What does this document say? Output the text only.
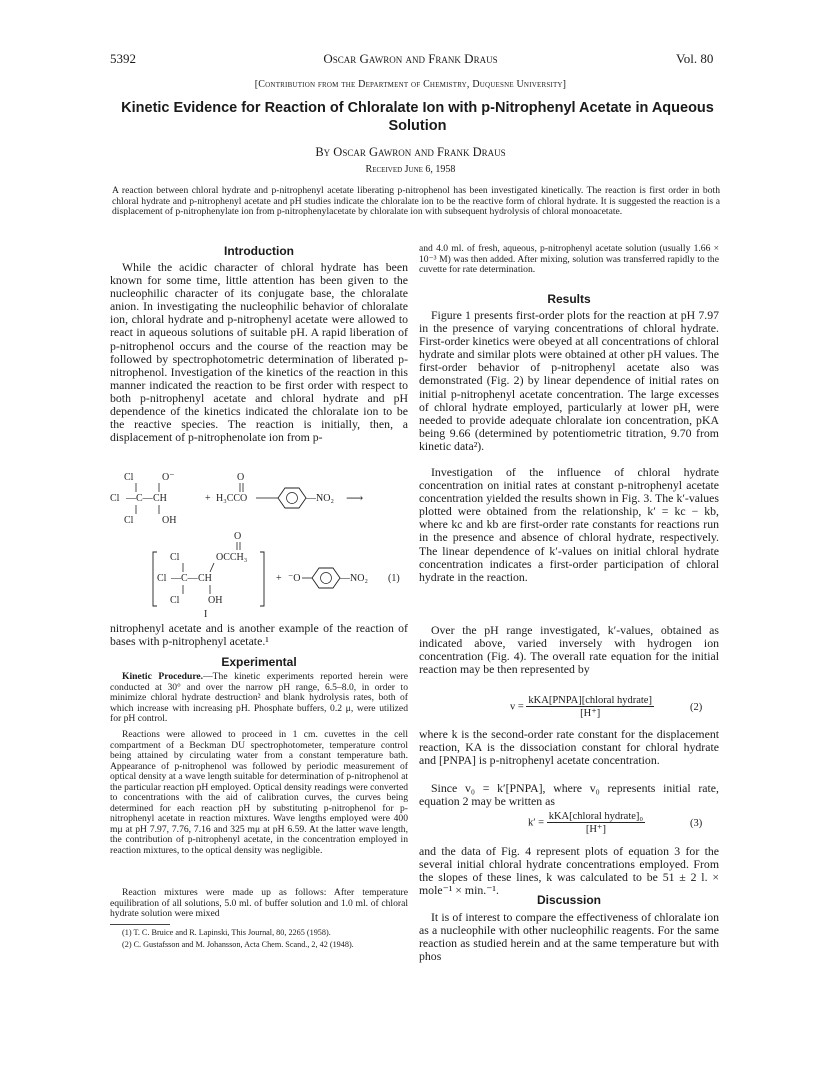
5392	Oscar Gawron and Frank Draus	Vol. 80
[Contribution from the Department of Chemistry, Duquesne University]
Kinetic Evidence for Reaction of Chloralate Ion with p-Nitrophenyl Acetate in Aqueous Solution
By Oscar Gawron and Frank Draus
Received June 6, 1958
A reaction between chloral hydrate and p-nitrophenyl acetate liberating p-nitrophenol has been investigated kinetically. The reaction is first order in both chloral hydrate and p-nitrophenyl acetate and pH studies indicate the chloralate ion to be the reactive form of chloral hydrate. It is suggested the reaction is a displacement of p-nitrophenylate ion from p-nitrophenylacetate by chloralate ion with subsequent hydrolysis of chloral monoacetate.
Introduction
While the acidic character of chloral hydrate has been known for some time, little attention has been given to the nucleophilic character of its conjugate base, the chloralate anion. In investigating the nucleophilic behavior of chloralate ion, chloral hydrate and p-nitrophenyl acetate were allowed to react in aqueous solutions of suitable pH. A rapid liberation of p-nitrophenol occurs and the course of the reaction may be followed by spectrophotometric determination of liberated p-nitrophenol. Investigation of the kinetics of the reaction in this manner indicated the reaction to be first order with respect to both p-nitrophenyl acetate and chloral hydrate and pH dependence of the kinetics indicated the chloralate ion to be the reactive species. The reaction is initially, then, a displacement of p-nitrophenolate ion from p-
Cl	O⁻
Cl —C— CH
Cl	OH
+
O
H₃CCO	—NO₂ ⟶
O
OCCH₃
Cl
Cl —C— CH
Cl	OH
+ ⁻O	—NO₂ (1)
I
nitrophenyl acetate and is another example of the reaction of bases with p-nitrophenyl acetate.¹
Experimental
Kinetic Procedure.—The kinetic experiments reported herein were conducted at 30° and over the narrow pH range, 6.5–8.0, in order to minimize chloral hydrate destruction² and blank hydrolysis rates, both of which increase with increasing pH. Phosphate buffers, 0.2 μ, were utilized for pH control.
Reactions were allowed to proceed in 1 cm. cuvettes in the cell compartment of a Beckman DU spectrophotometer, temperature control being attained by circulating water from a constant temperature bath. Appearance of p-nitrophenol was followed by periodic measurement of optical density at a wave length suitable for determination of p-nitrophenol at the particular reaction pH employed. Optical density readings were converted to concentrations with the aid of calibration curves, the curves being determined for each reaction pH by substituting p-nitrophenol for p-nitrophenyl acetate in reaction mixtures. Wave lengths employed were 400 mμ at pH 7.97, 7.76, 7.16 and 325 mμ at pH 6.59. At the latter wave length, the contribution of p-nitrophenyl acetate, in the concentration employed in reaction mixtures, to the optical density was negligible.
Reaction mixtures were made up as follows: After temperature equilibration of all solutions, 5.0 ml. of buffer solution and 1.0 ml. of chloral hydrate solution were mixed
(1) T. C. Bruice and R. Lapinski, This Journal, 80, 2265 (1958).
(2) C. Gustafsson and M. Johansson, Acta Chem. Scand., 2, 42 (1948).
and 4.0 ml. of fresh, aqueous, p-nitrophenyl acetate solution (usually 1.66 × 10⁻³ M) was then added. After mixing, solution was transferred rapidly to the cuvette for rate determination.
Results
Figure 1 presents first-order plots for the reaction at pH 7.97 in the presence of varying concentrations of chloral hydrate. First-order kinetics were obeyed at all concentrations of chloral hydrate and similar plots were obtained at other pH values. The first-order behavior of p-nitrophenyl acetate also was demonstrated (Fig. 2) by linear dependence of initial rates on initial p-nitrophenyl acetate concentration. The large excesses of chloral hydrate employed, particularly at lower pH, were needed to provide adequate chloralate ion concentration, pKA being 9.66 (determined by potentiometric titration, 9.70 from kinetic data²).
Investigation of the influence of chloral hydrate concentration on initial rates at constant p-nitrophenyl acetate concentration yielded the results shown in Fig. 3. The k′-values plotted were obtained from the relationship, k′ = kc − kb, where kc and kb are first-order rate constants for reactions run in the presence and absence of chloral hydrate, respectively. The linear dependence of k′-values on initial chloral hydrate concentration indicates a first-order participation of chloral hydrate in the reaction.
Over the pH range investigated, k′-values, obtained as indicated above, varied inversely with hydrogen ion concentration (Fig. 4). The overall rate equation for the initial reaction may be then represented by
$v = \frac{\text{kKA[PNPA][chloral hydrate]}}{[H^+]}$	(2)
where k is the second-order rate constant for the displacement reaction, KA is the dissociation constant for chloral hydrate and [PNPA] is p-nitrophenyl acetate concentration.
Since v₀ = k′[PNPA], where v₀ represents initial rate, equation 2 may be written as
$k' = \frac{\text{kKA[chloral hydrate]₀}}{[H^+]}$	(3)
and the data of Fig. 4 represent plots of equation 3 for the several initial chloral hydrate concentrations employed. From the slopes of these lines, k was calculated to be 51 ± 2 l. × mole⁻¹ × min.⁻¹.
Discussion
It is of interest to compare the effectiveness of chloralate ion as a nucleophile with other nucleophilic reagents. For the same reaction as studied herein and at the same temperature but with phos
